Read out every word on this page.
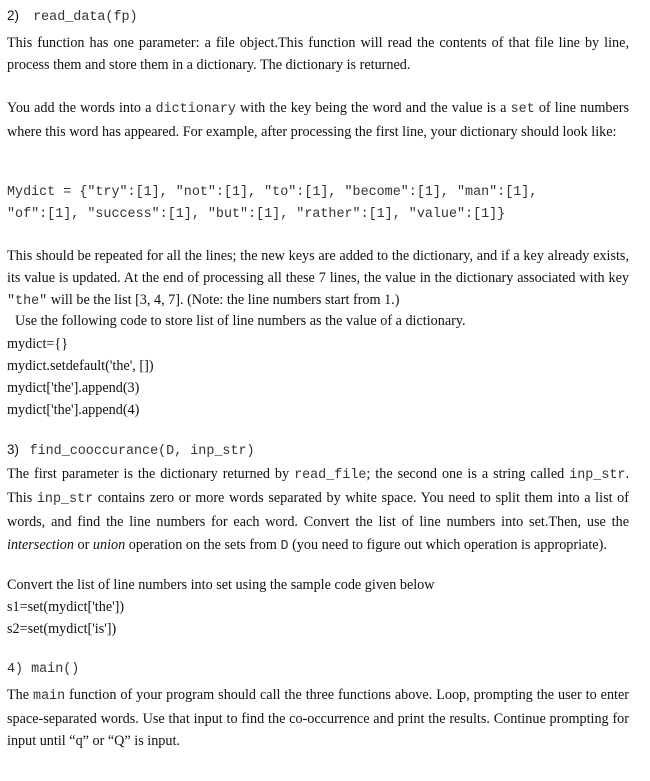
2) read_data(fp)

This function has one parameter: a file object.This function will read the contents of that file line by line, process them and store them in a dictionary. The dictionary is returned.

You add the words into a dictionary with the key being the word and the value is a set of line numbers where this word has appeared. For example, after processing the first line, your dictionary should look like:

Mydict = {"try":[1], "not":[1], "to":[1], "become":[1], "man":[1],
"of":[1], "success":[1], "but":[1], "rather":[1], "value":[1]}

This should be repeated for all the lines; the new keys are added to the dictionary, and if a key already exists, its value is updated. At the end of processing all these 7 lines, the value in the dictionary associated with key "the" will be the list [3, 4, 7]. (Note: the line numbers start from 1.)

Use the following code to store list of line numbers as the value of a dictionary.
mydict={}
mydict.setdefault('the', [])
mydict['the'].append(3)
mydict['the'].append(4)
3) find_cooccurance(D, inp_str)

The first parameter is the dictionary returned by read_file; the second one is a string called inp_str. This inp_str contains zero or more words separated by white space. You need to split them into a list of words, and find the line numbers for each word. Convert the list of line numbers into set.Then, use the intersection or union operation on the sets from D (you need to figure out which operation is appropriate).

Convert the list of line numbers into set using the sample code given below
s1=set(mydict['the'])
s2=set(mydict['is'])
4) main()

The main function of your program should call the three functions above. Loop, prompting the user to enter space-separated words. Use that input to find the co-occurrence and print the results. Continue prompting for input until “q” or “Q” is input.
